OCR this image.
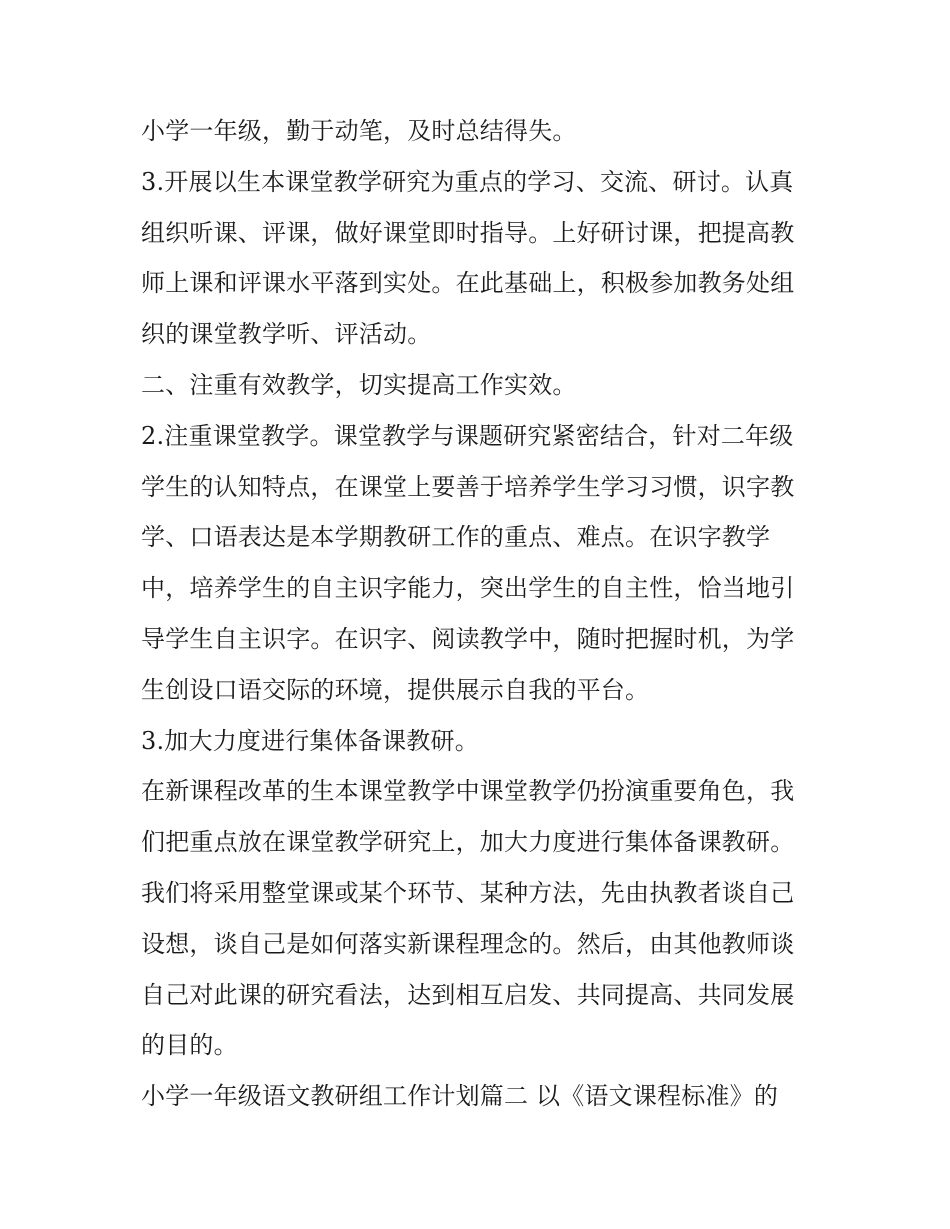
小学一年级，勤于动笔，及时总结得失。
3.开展以生本课堂教学研究为重点的学习、交流、研讨。认真
组织听课、评课，做好课堂即时指导。上好研讨课，把提高教
师上课和评课水平落到实处。在此基础上，积极参加教务处组
织的课堂教学听、评活动。
二、注重有效教学，切实提高工作实效。
2.注重课堂教学。课堂教学与课题研究紧密结合，针对二年级
学生的认知特点，在课堂上要善于培养学生学习习惯，识字教
学、口语表达是本学期教研工作的重点、难点。在识字教学
中，培养学生的自主识字能力，突出学生的自主性，恰当地引
导学生自主识字。在识字、阅读教学中，随时把握时机，为学
生创设口语交际的环境，提供展示自我的平台。
3.加大力度进行集体备课教研。
在新课程改革的生本课堂教学中课堂教学仍扮演重要角色，我
们把重点放在课堂教学研究上，加大力度进行集体备课教研。
我们将采用整堂课或某个环节、某种方法，先由执教者谈自己
设想，谈自己是如何落实新课程理念的。然后，由其他教师谈
自己对此课的研究看法，达到相互启发、共同提高、共同发展
的目的。
小学一年级语文教研组工作计划篇二 以《语文课程标准》的
